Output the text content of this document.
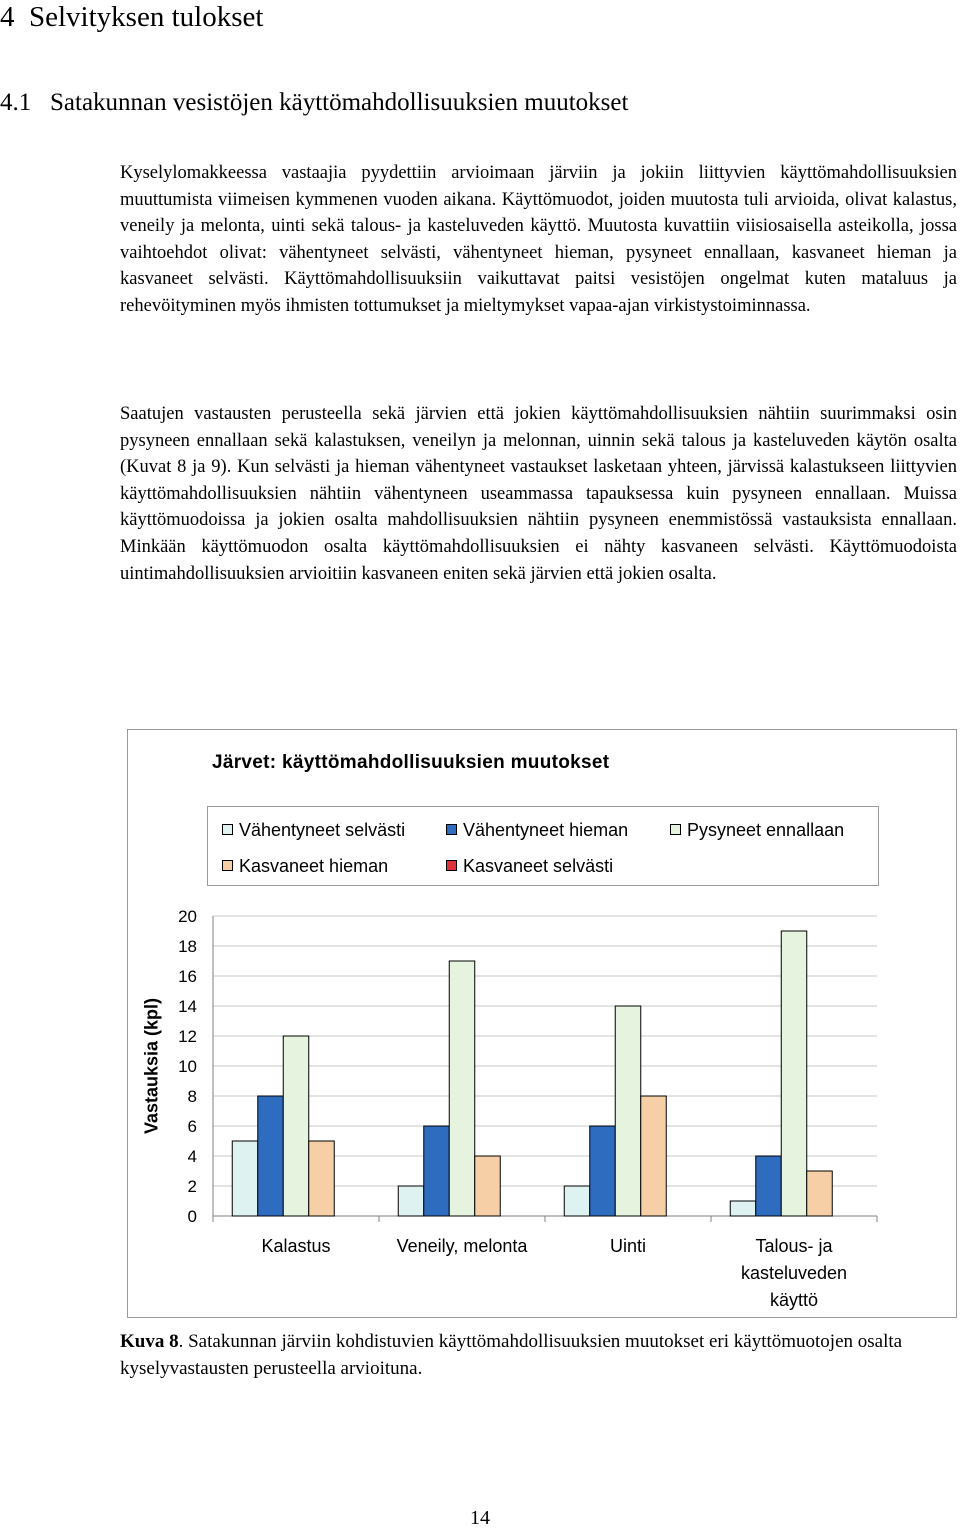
4 Selvityksen tulokset
4.1 Satakunnan vesistöjen käyttömahdollisuuksien muutokset

Kyselylomakkeessa vastaajia pyydettiin arvioimaan järviin ja jokiin liittyvien käyttömahdollisuuksien muuttumista viimeisen kymmenen vuoden aikana. Käyttömuodot, joiden muutosta tuli arvioida, olivat kalastus, veneily ja melonta, uinti sekä talous- ja kasteluveden käyttö. Muutosta kuvattiin viisiosaisella asteikolla, jossa vaihtoehdot olivat: vähentyneet selvästi, vähentyneet hieman, pysyneet ennallaan, kasvaneet hieman ja kasvaneet selvästi. Käyttömahdollisuuksiin vaikuttavat paitsi vesistöjen ongelmat kuten mataluus ja rehevöityminen myös ihmisten tottumukset ja mieltymykset vapaa-ajan virkistystoiminnassa.

Saatujen vastausten perusteella sekä järvien että jokien käyttömahdollisuuksien nähtiin suurimmaksi osin pysyneen ennallaan sekä kalastuksen, veneilyn ja melonnan, uinnin sekä talous ja kasteluveden käytön osalta (Kuvat 8 ja 9). Kun selvästi ja hieman vähentyneet vastaukset lasketaan yhteen, järvissä kalastukseen liittyvien käyttömahdollisuuksien nähtiin vähentyneen useammassa tapauksessa kuin pysyneen ennallaan. Muissa käyttömuodoissa ja jokien osalta mahdollisuuksien nähtiin pysyneen enemmistössä vastauksista ennallaan. Minkään käyttömuodon osalta käyttömahdollisuuksien ei nähty kasvaneen selvästi. Käyttömuodoista uintimahdollisuuksien arvioitiin kasvaneen eniten sekä järvien että jokien osalta.

Järvet: käyttömahdollisuuksien muutokset
Vähentyneet selvästi	Vähentyneet hieman	Pysyneet ennallaan
Kasvaneet hieman	Kasvaneet selvästi
Vastauksia (kpl)
0
2
4
6
8
10
12
14
16
18
20
Kalastus	Veneily, melonta	Uinti	Talous- ja
kasteluveden
käyttö

Kuva 8. Satakunnan järviin kohdistuvien käyttömahdollisuuksien muutokset eri käyttömuotojen osalta kyselyvastausten perusteella arvioituna.

14
